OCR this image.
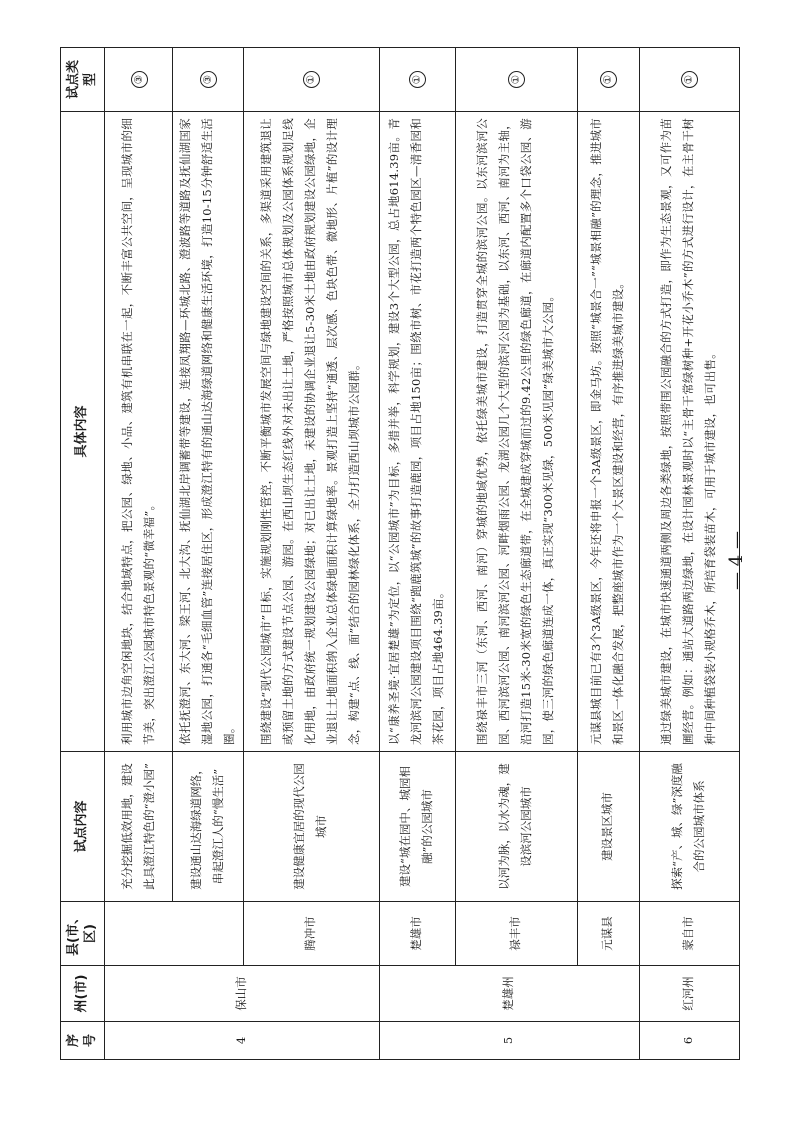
序号	州(市)	县(市、区)	试点内容	具体内容	试点类型
4	保山市		充分挖掘低效用地，建设此具澄江特色的“澄小园”	利用城市边角空闲地块，结合地域特点，把公园、绿地、小品、建筑有机串联在一起，不断丰富公共空间，呈现城市的细节美，突出澄江公园城市特色景观的“微幸福”。	③
			建设通山达海绿道网络，串起澄江人的“慢生活”	依托抚澄河、东大河、梁王河、北大沟、抚仙湖北岸调蓄带等建设，连接凤翔路—环城北路、澄波路等道路及抚仙湖国家湿地公园，打通各“毛细血管”连接居住区，形成澄江特有的通山达海绿道网络和健康生活环境，打造10-15分钟舒适生活圈。	③
		腾冲市	建设健康宜居的现代公园城市	围绕建设“现代公园城市”目标，实施规划刚性管控，不断平衡城市发展空间与绿地建设空间的关系，多渠道采用建筑退让或预留土地的方式建设节点公园、游园。在西山坝生态红线外对未出让土地，严格按照城市总体规划及公园体系规划足线化用地，由政府统一规划建设公园绿地；对已出让土地，未建设的协调企业退让5-30米土地由政府规划建设公园绿地，企业退让土地面积纳入企业总体绿地面积计算绿地率。景观打造上坚持“通透、层次感、色块色带、微地形、片植”的设计理念，构建“点、线、面”结合的园林绿化体系，全力打造西山坝城市公园群。	①
5	楚雄州	楚雄市	建设“城在园中、城园相融”的公园城市	以“康养圣境·宜居楚雄”为定位，以“公园城市”为目标，多措并举，科学规划，建设3个大型公园，总占地614.39亩。青龙河滨河公园建设项目围绕“跑鹿筑城”的故事打造鹿园，项目占地150亩；围绕市树、市花打造两个特色园区—清香园和茶花园，项目占地464.39亩。	①
		禄丰市	以河为脉，以水为魂，建设滨河公园城市	围绕禄丰市三河（东河、西河、南河）穿城的地域优势，依托绿美城市建设，打造贯穿全城的滨河公园。以东河滨河公园、西河滨河公园、南河滨河公园、河畔烟雨公园、龙湖公园几个大型的滨河公园为基础，以东河、西河、南河为主轴，沿河打造15米-30米宽的绿色生态廊道带，在全城建成穿城而过的9.42公里的绿色廊道，在廊道内配置多个口袋公园、游园，使三河的绿色廊道连成一体，真正实现“300米见绿，500米见园”绿美城市大公园。	①
		元谋县	建设景区城市	元谋县城目前已有3个3A级景区，今年还将申报一个3A级景区，即金马坊。按照“城景合一”“城景相融”的理念，推进城市和景区一体化融合发展，把整座城市作为一个大景区建设和经营，有序推进绿美城市建设。	①
6	红河州	蒙自市	探索“产、城、绿”深度融合的公园城市体系	通过绿美城市建设，在城市快速通道两侧及周边各类绿地，按照带围公园融合的方式打造，即作为生态景观，又可作为苗圃经营。例如：通站大道路两边绿地，在设计园林景观时以“主骨干常绿树种+开花小乔木”的方式进行设计，在主骨干树种中间种植袋装小规格乔木，所培育袋装苗木，可用于城市建设，也可出售。	①
— 4 —
